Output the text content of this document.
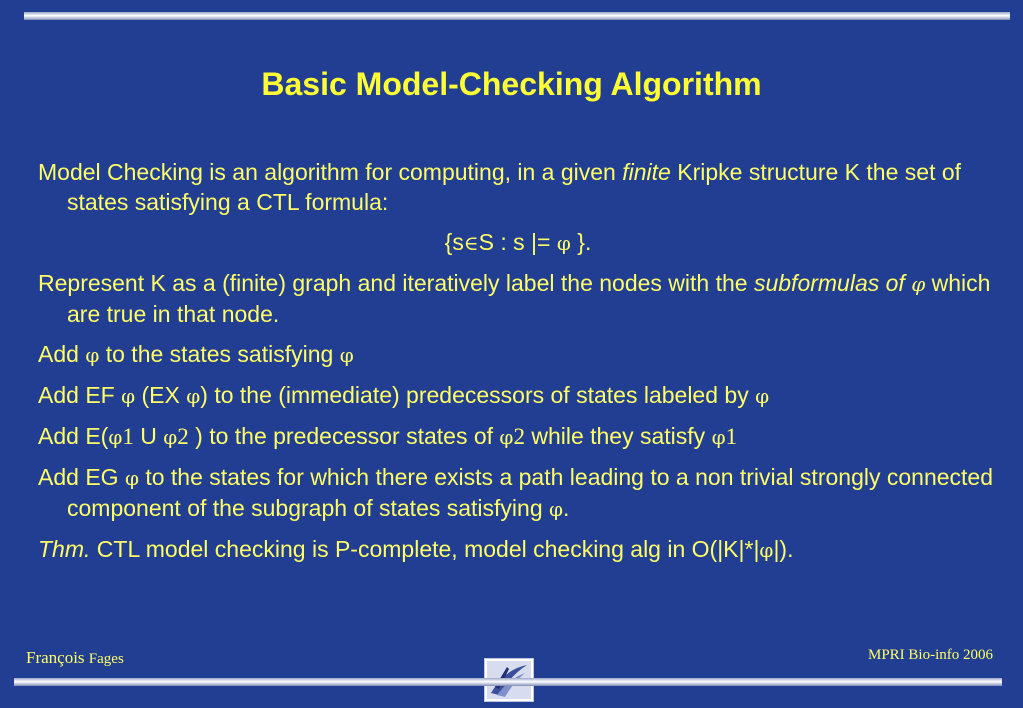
Basic Model-Checking Algorithm

Model Checking is an algorithm for computing, in a given finite Kripke structure K the set of states satisfying a CTL formula:

{s∈S : s |= φ }.

Represent K as a (finite) graph and iteratively label the nodes with the subformulas of φ which are true in that node.

Add φ to the states satisfying φ

Add EF φ (EX φ) to the (immediate) predecessors of states labeled by φ

Add E(φ1 U φ2 ) to the predecessor states of φ2 while they satisfy φ1

Add EG φ to the states for which there exists a path leading to a non trivial strongly connected component of the subgraph of states satisfying φ.

Thm. CTL model checking is P-complete, model checking alg in O(|K|*|φ|).

François Fages	MPRI Bio-info 2006
